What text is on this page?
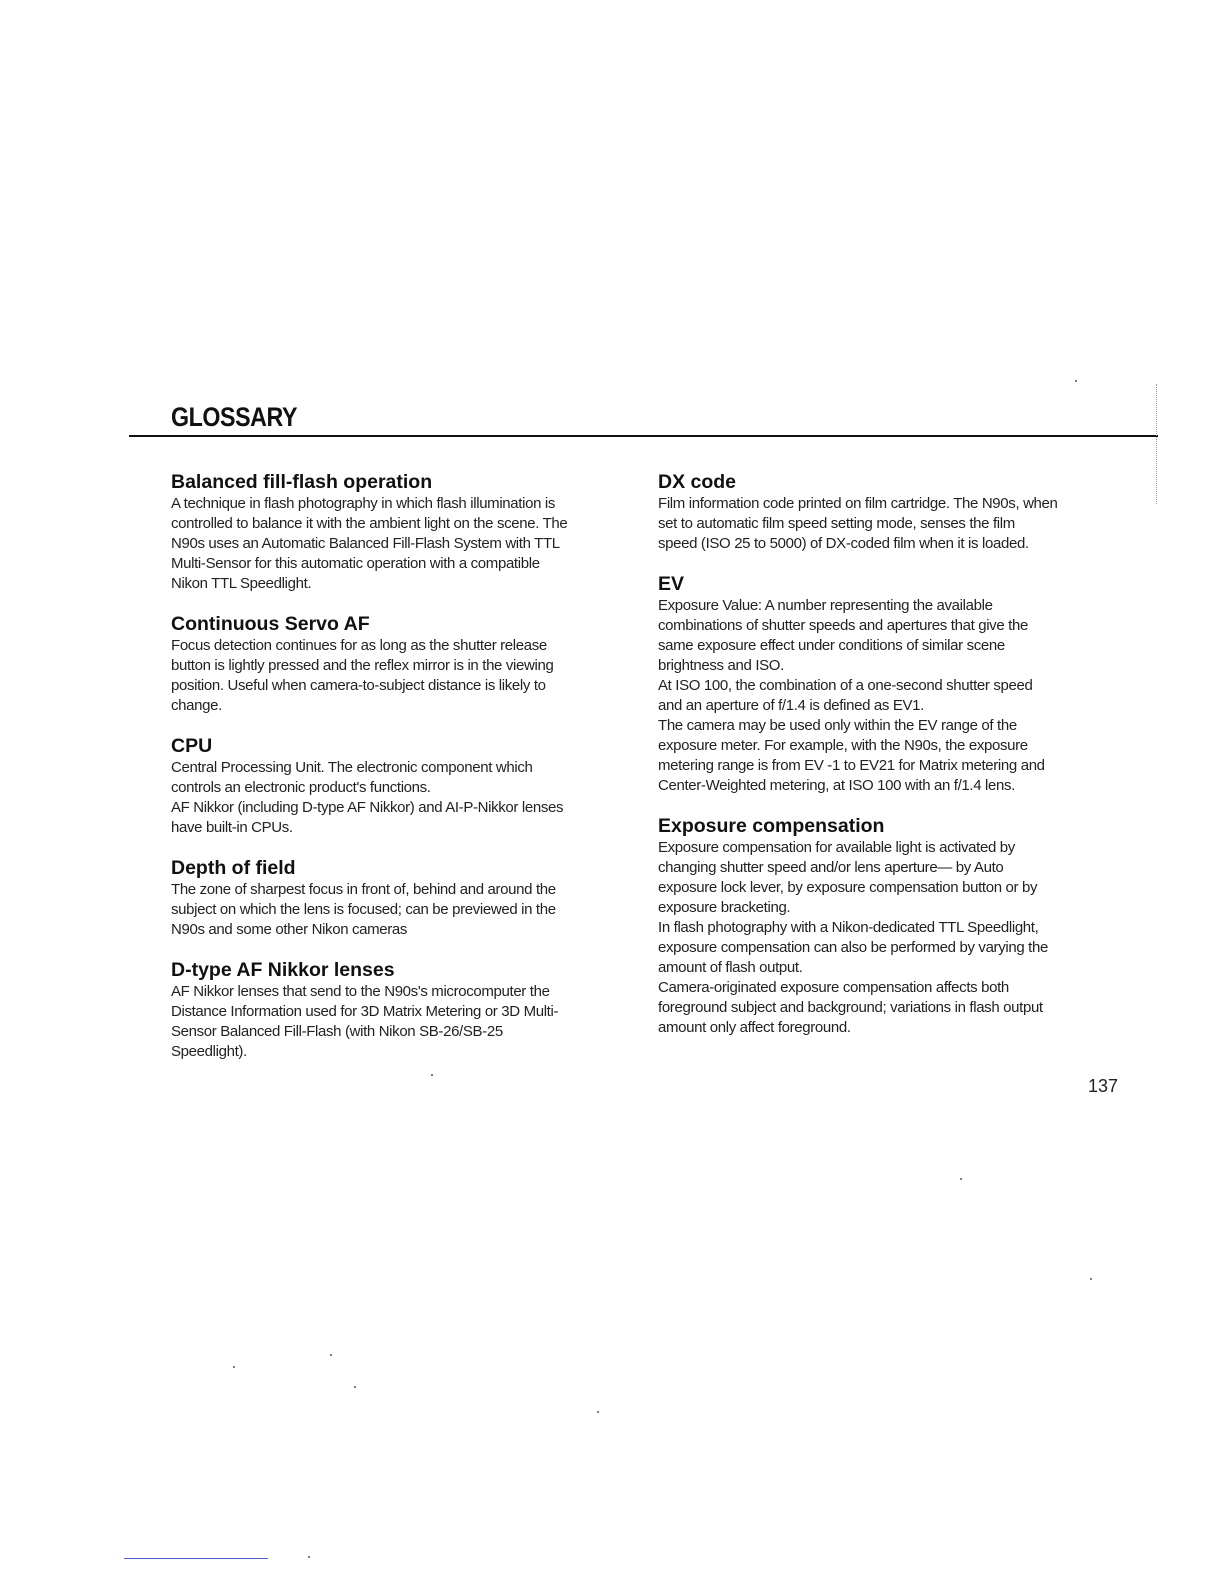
GLOSSARY
Balanced fill-flash operation
A technique in flash photography in which flash illumination is
controlled to balance it with the ambient light on the scene. The
N90s uses an Automatic Balanced Fill-Flash System with TTL
Multi-Sensor for this automatic operation with a compatible
Nikon TTL Speedlight.
Continuous Servo AF
Focus detection continues for as long as the shutter release
button is lightly pressed and the reflex mirror is in the viewing
position. Useful when camera-to-subject distance is likely to
change.
CPU
Central Processing Unit. The electronic component which
controls an electronic product's functions.
AF Nikkor (including D-type AF Nikkor) and AI-P-Nikkor lenses
have built-in CPUs.
Depth of field
The zone of sharpest focus in front of, behind and around the
subject on which the lens is focused; can be previewed in the
N90s and some other Nikon cameras
D-type AF Nikkor lenses
AF Nikkor lenses that send to the N90s's microcomputer the
Distance Information used for 3D Matrix Metering or 3D Multi-
Sensor Balanced Fill-Flash (with Nikon SB-26/SB-25
Speedlight).
DX code
Film information code printed on film cartridge. The N90s, when
set to automatic film speed setting mode, senses the film
speed (ISO 25 to 5000) of DX-coded film when it is loaded.
EV
Exposure Value: A number representing the available
combinations of shutter speeds and apertures that give the
same exposure effect under conditions of similar scene
brightness and ISO.
At ISO 100, the combination of a one-second shutter speed
and an aperture of f/1.4 is defined as EV1.
The camera may be used only within the EV range of the
exposure meter. For example, with the N90s, the exposure
metering range is from EV -1 to EV21 for Matrix metering and
Center-Weighted metering, at ISO 100 with an f/1.4 lens.
Exposure compensation
Exposure compensation for available light is activated by
changing shutter speed and/or lens aperture— by Auto
exposure lock lever, by exposure compensation button or by
exposure bracketing.
In flash photography with a Nikon-dedicated TTL Speedlight,
exposure compensation can also be performed by varying the
amount of flash output.
Camera-originated exposure compensation affects both
foreground subject and background; variations in flash output
amount only affect foreground.
137
